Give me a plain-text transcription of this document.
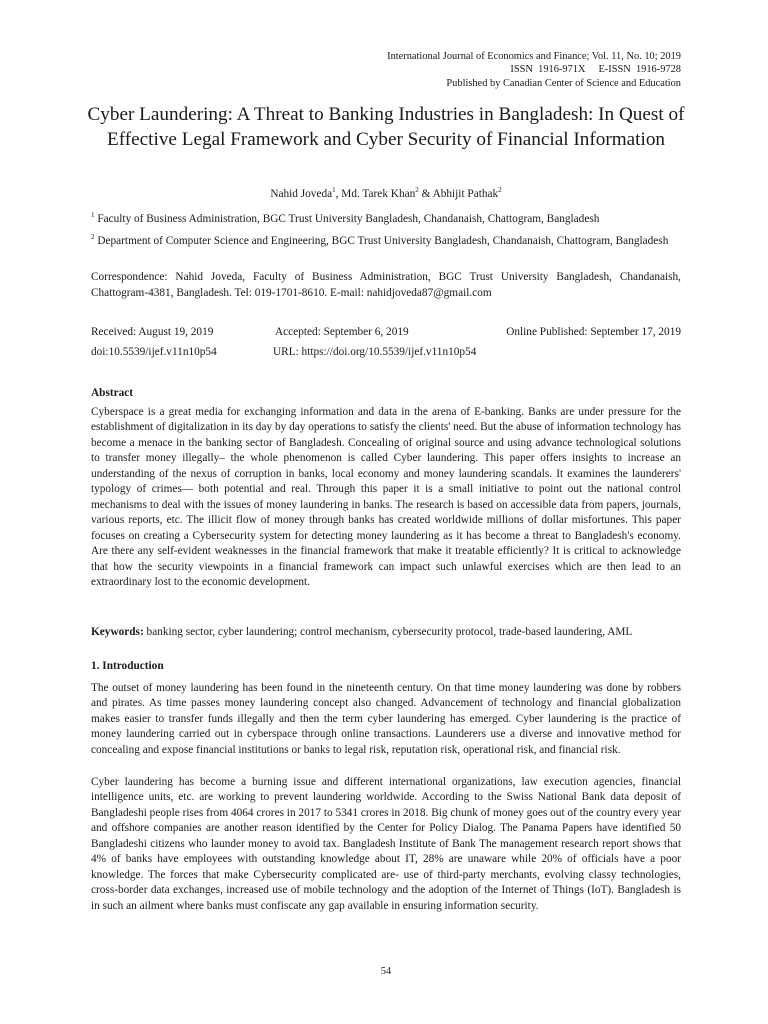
International Journal of Economics and Finance; Vol. 11, No. 10; 2019
ISSN  1916-971X     E-ISSN  1916-9728
Published by Canadian Center of Science and Education
Cyber Laundering: A Threat to Banking Industries in Bangladesh: In Quest of Effective Legal Framework and Cyber Security of Financial Information
Nahid Joveda$^1$, Md. Tarek Khan$^2$ & Abhijit Pathak$^2$
$^1$ Faculty of Business Administration, BGC Trust University Bangladesh, Chandanaish, Chattogram, Bangladesh
$^2$ Department of Computer Science and Engineering, BGC Trust University Bangladesh, Chandanaish, Chattogram, Bangladesh
Correspondence: Nahid Joveda, Faculty of Business Administration, BGC Trust University Bangladesh, Chandanaish, Chattogram-4381, Bangladesh. Tel: 019-1701-8610. E-mail: nahidjoveda87@gmail.com
Received: August 19, 2019	Accepted: September 6, 2019	Online Published: September 17, 2019
doi:10.5539/ijef.v11n10p54	URL: https://doi.org/10.5539/ijef.v11n10p54
Abstract

Cyberspace is a great media for exchanging information and data in the arena of E-banking. Banks are under pressure for the establishment of digitalization in its day by day operations to satisfy the clients' need. But the abuse of information technology has become a menace in the banking sector of Bangladesh. Concealing of original source and using advance technological solutions to transfer money illegally‒ the whole phenomenon is called Cyber laundering. This paper offers insights to increase an understanding of the nexus of corruption in banks, local economy and money laundering scandals. It examines the launderers' typology of crimes― both potential and real. Through this paper it is a small initiative to point out the national control mechanisms to deal with the issues of money laundering in banks. The research is based on accessible data from papers, journals, various reports, etc. The illicit flow of money through banks has created worldwide millions of dollar misfortunes. This paper focuses on creating a Cybersecurity system for detecting money laundering as it has become a threat to Bangladesh's economy. Are there any self-evident weaknesses in the financial framework that make it treatable efficiently? It is critical to acknowledge that how the security viewpoints in a financial framework can impact such unlawful exercises which are then lead to an extraordinary lost to the economic development.

Keywords: banking sector, cyber laundering; control mechanism, cybersecurity protocol, trade-based laundering, AML

1. Introduction

The outset of money laundering has been found in the nineteenth century. On that time money laundering was done by robbers and pirates. As time passes money laundering concept also changed. Advancement of technology and financial globalization makes easier to transfer funds illegally and then the term cyber laundering has emerged. Cyber laundering is the practice of money laundering carried out in cyberspace through online transactions. Launderers use a diverse and innovative method for concealing and expose financial institutions or banks to legal risk, reputation risk, operational risk, and financial risk.

Cyber laundering has become a burning issue and different international organizations, law execution agencies, financial intelligence units, etc. are working to prevent laundering worldwide. According to the Swiss National Bank data deposit of Bangladeshi people rises from 4064 crores in 2017 to 5341 crores in 2018. Big chunk of money goes out of the country every year and offshore companies are another reason identified by the Center for Policy Dialog. The Panama Papers have identified 50 Bangladeshi citizens who launder money to avoid tax. Bangladesh Institute of Bank The management research report shows that 4% of banks have employees with outstanding knowledge about IT, 28% are unaware while 20% of officials have a poor knowledge. The forces that make Cybersecurity complicated are- use of third-party merchants, evolving classy technologies, cross-border data exchanges, increased use of mobile technology and the adoption of the Internet of Things (IoT). Bangladesh is in such an ailment where banks must confiscate any gap available in ensuring information security.

54
